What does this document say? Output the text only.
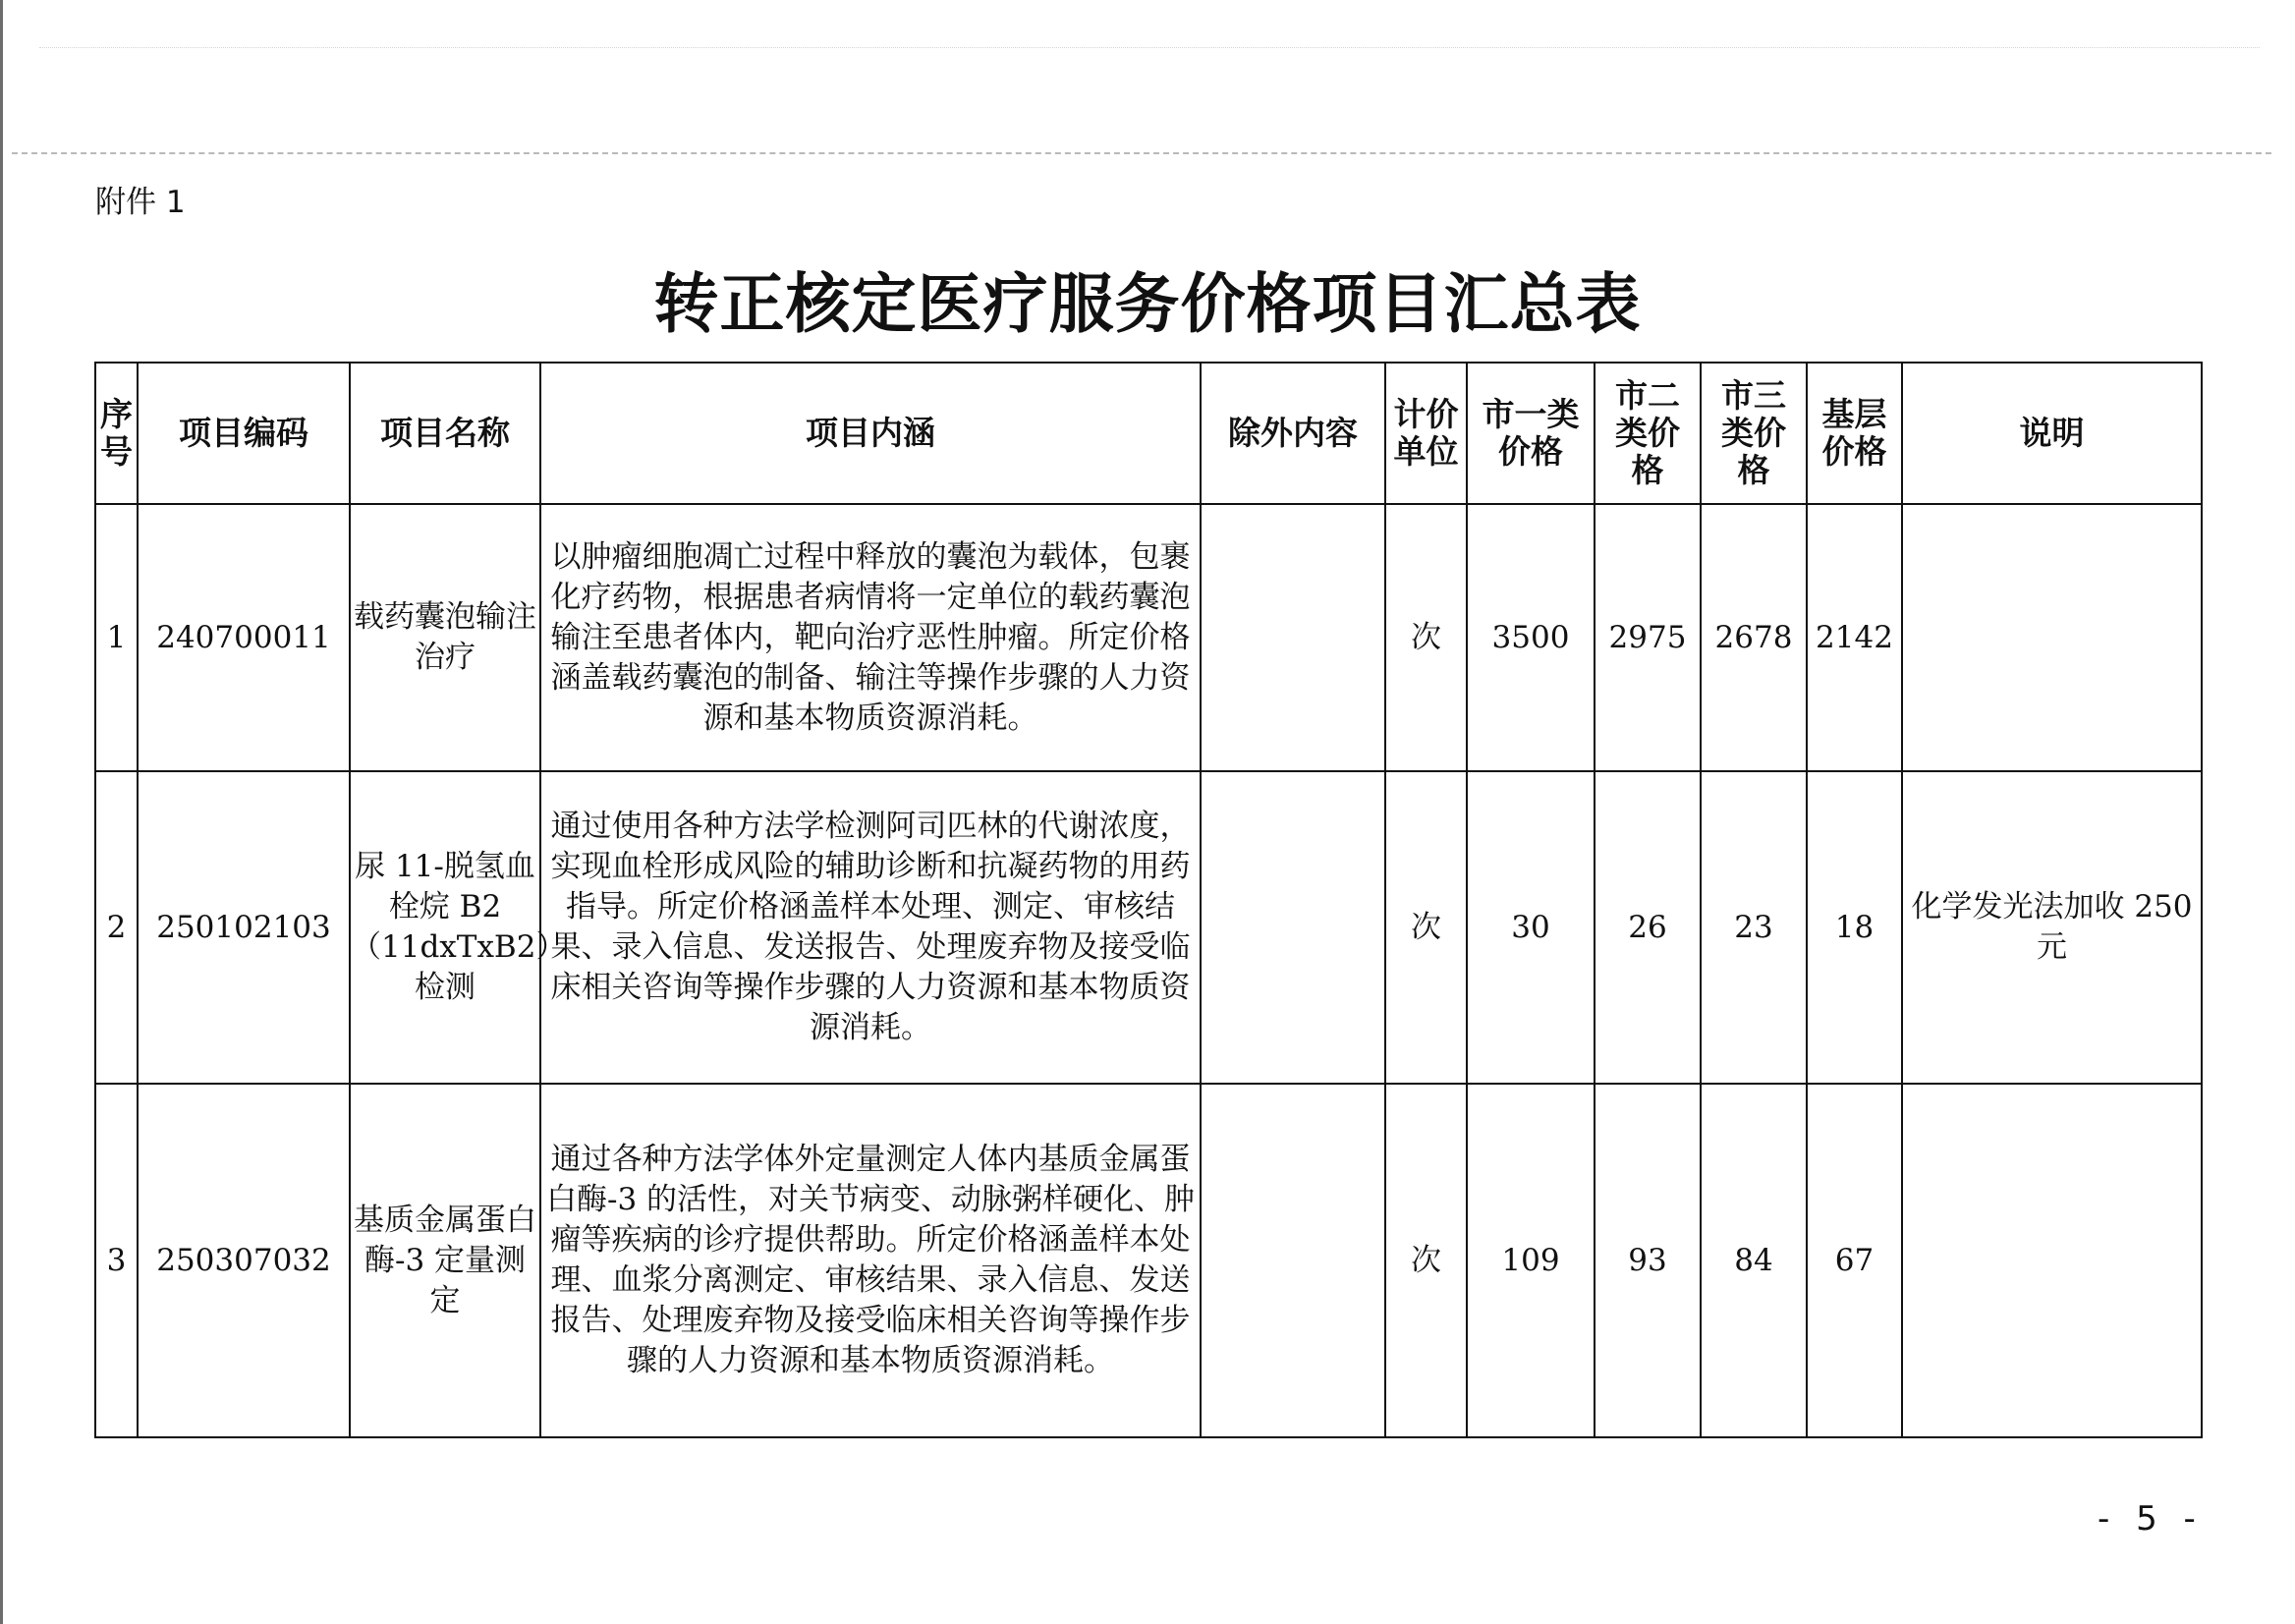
附件 1
转正核定医疗服务价格项目汇总表
序号	项目编码	项目名称	项目内涵	除外内容	计价单位	市一类价格	市二类价格	市三类价格	基层价格	说明
1	240700011	载药囊泡输注治疗	以肿瘤细胞凋亡过程中释放的囊泡为载体，包裹化疗药物，根据患者病情将一定单位的载药囊泡输注至患者体内，靶向治疗恶性肿瘤。所定价格涵盖载药囊泡的制备、输注等操作步骤的人力资源和基本物质资源消耗。		次	3500	2975	2678	2142	
2	250102103	尿 11-脱氢血栓烷 B2（11dxTxB2）检测	通过使用各种方法学检测阿司匹林的代谢浓度，实现血栓形成风险的辅助诊断和抗凝药物的用药指导。所定价格涵盖样本处理、测定、审核结果、录入信息、发送报告、处理废弃物及接受临床相关咨询等操作步骤的人力资源和基本物质资源消耗。		次	30	26	23	18	化学发光法加收 250 元
3	250307032	基质金属蛋白酶-3 定量测定	通过各种方法学体外定量测定人体内基质金属蛋白酶-3 的活性，对关节病变、动脉粥样硬化、肿瘤等疾病的诊疗提供帮助。所定价格涵盖样本处理、血浆分离测定、审核结果、录入信息、发送报告、处理废弃物及接受临床相关咨询等操作步骤的人力资源和基本物质资源消耗。		次	109	93	84	67	
- 5 -
